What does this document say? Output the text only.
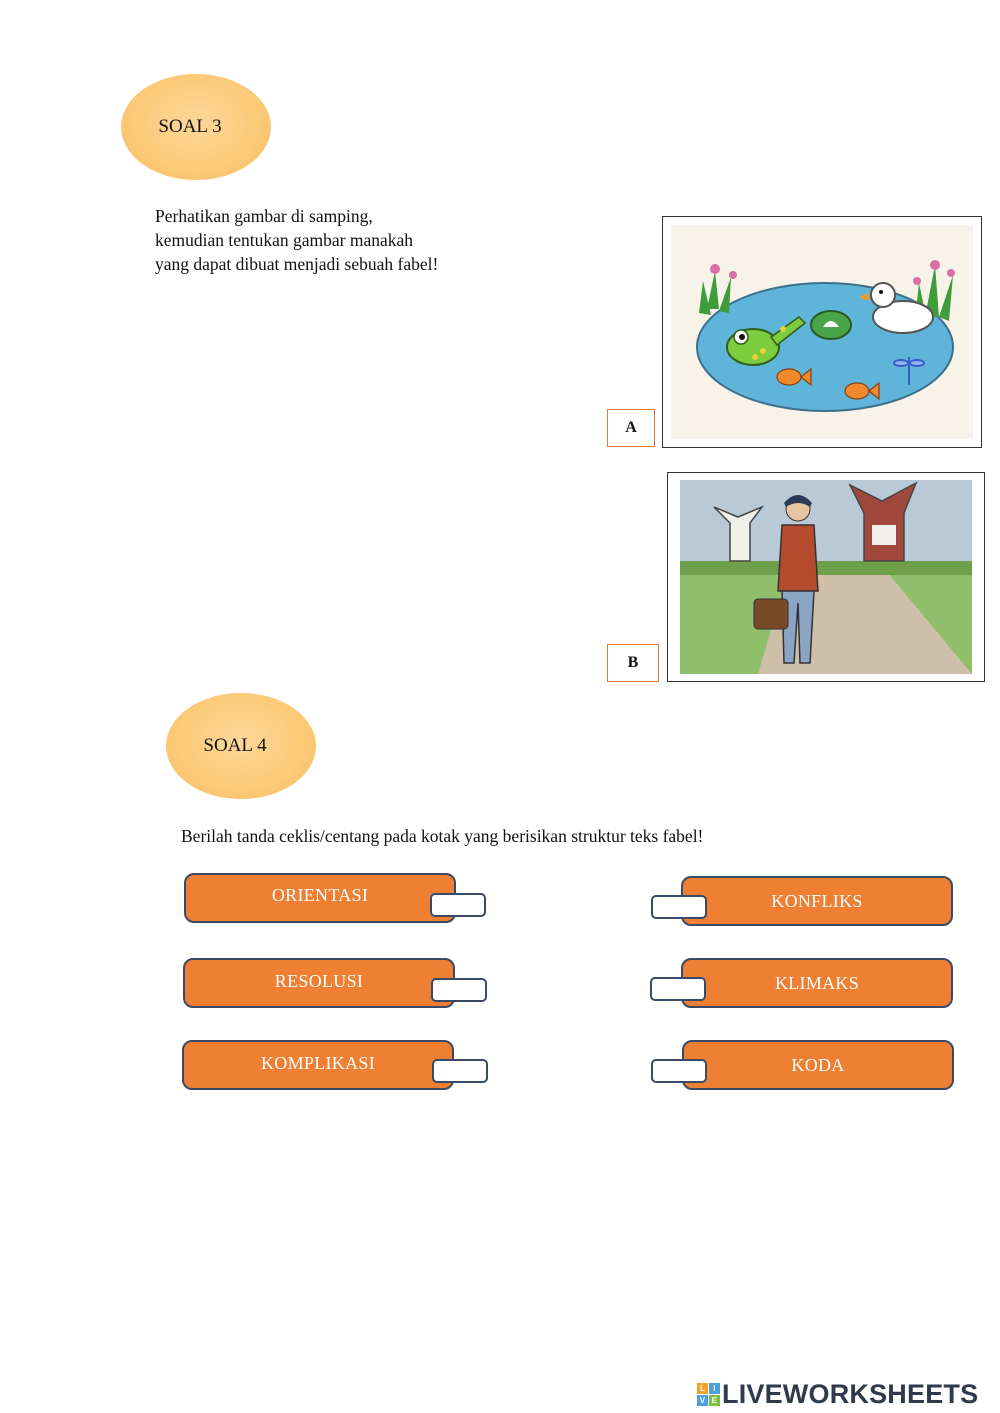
SOAL 3
Perhatikan gambar di samping,
kemudian tentukan gambar manakah
yang dapat dibuat menjadi sebuah fabel!
A
B
SOAL 4
Berilah tanda ceklis/centang pada kotak yang berisikan struktur teks fabel!
ORIENTASI
RESOLUSI
KOMPLIKASI
KONFLIKS
KLIMAKS
KODA
L	I
V E LIVEWORKSHEETS
